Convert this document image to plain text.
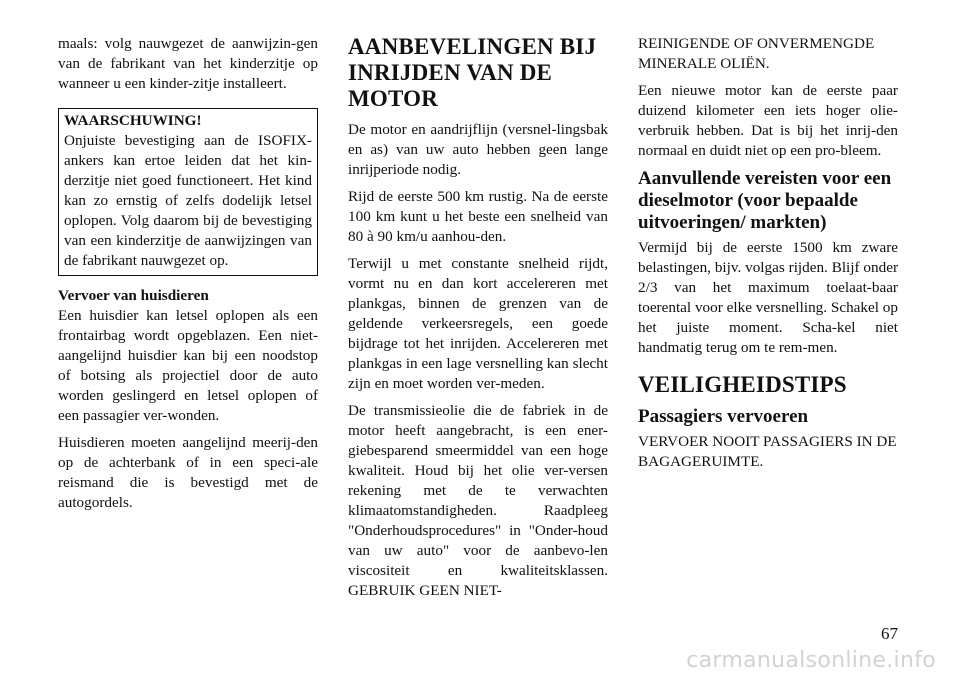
maals: volg nauwgezet de aanwijzin-gen van de fabrikant van het kinderzitje op wanneer u een kinder-zitje installeert.

WAARSCHUWING!
Onjuiste bevestiging aan de ISOFIX-ankers kan ertoe leiden dat het kin-derzitje niet goed functioneert. Het kind kan zo ernstig of zelfs dodelijk letsel oplopen. Volg daarom bij de bevestiging van een kinderzitje de aanwijzingen van de fabrikant nauwgezet op.
Vervoer van huisdieren

Een huisdier kan letsel oplopen als een frontairbag wordt opgeblazen. Een niet-aangelijnd huisdier kan bij een noodstop of botsing als projectiel door de auto worden geslingerd en letsel oplopen of een passagier ver-wonden.

Huisdieren moeten aangelijnd meerij-den op de achterbank of in een speci-ale reismand die is bevestigd met de autogordels.

AANBEVELINGEN BIJ INRIJDEN VAN DE MOTOR

De motor en aandrijflijn (versnel-lingsbak en as) van uw auto hebben geen lange inrijperiode nodig.

Rijd de eerste 500 km rustig. Na de eerste 100 km kunt u het beste een snelheid van 80 à 90 km/u aanhou-den.

Terwijl u met constante snelheid rijdt, vormt nu en dan kort accelereren met plankgas, binnen de grenzen van de geldende verkeersregels, een goede bijdrage tot het inrijden. Accelereren met plankgas in een lage versnelling kan slecht zijn en moet worden ver-meden.

De transmissieolie die de fabriek in de motor heeft aangebracht, is een ener-giebesparend smeermiddel van een hoge kwaliteit. Houd bij het olie ver-versen rekening met de te verwachten klimaatomstandigheden. Raadpleeg "Onderhoudsprocedures" in "Onder-houd van uw auto" voor de aanbevo-len viscositeit en kwaliteitsklassen. GEBRUIK GEEN NIET-

REINIGENDE OF ONVERMENGDE MINERALE OLIËN.

Een nieuwe motor kan de eerste paar duizend kilometer een iets hoger olie-verbruik hebben. Dat is bij het inrij-den normaal en duidt niet op een pro-bleem.

Aanvullende vereisten voor een dieselmotor (voor bepaalde uitvoeringen/ markten)

Vermijd bij de eerste 1500 km zware belastingen, bijv. volgas rijden. Blijf onder 2/3 van het maximum toelaat-baar toerental voor elke versnelling. Schakel op het juiste moment. Scha-kel niet handmatig terug om te rem-men.

VEILIGHEIDSTIPS
Passagiers vervoeren

VERVOER NOOIT PASSAGIERS IN DE BAGAGERUIMTE.

67
carmanualsonline.info
